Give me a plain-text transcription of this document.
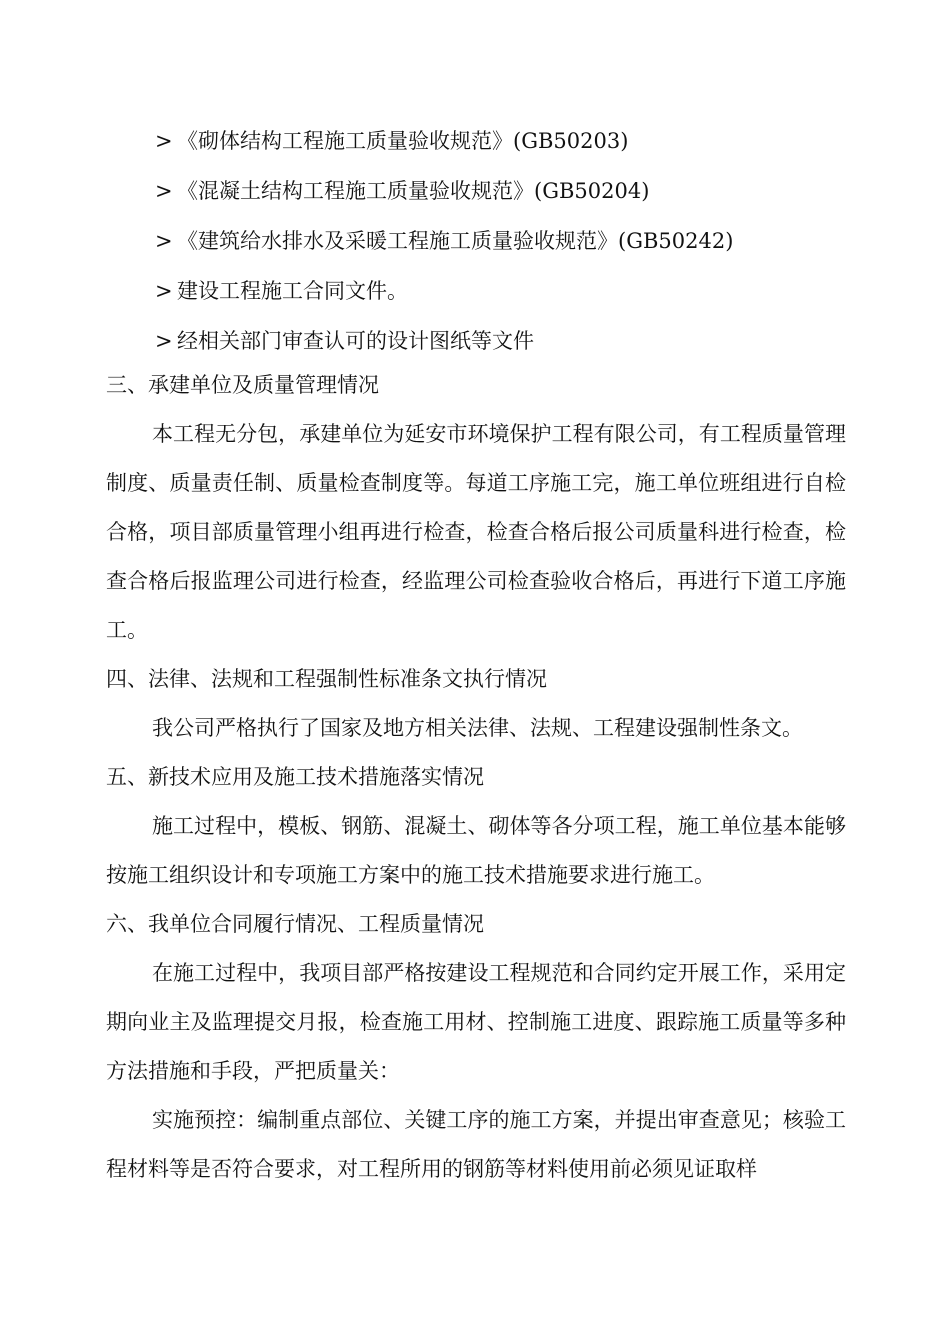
> 《砌体结构工程施工质量验收规范》(GB50203)
> 《混凝土结构工程施工质量验收规范》(GB50204)
> 《建筑给水排水及采暖工程施工质量验收规范》(GB50242)
> 建设工程施工合同文件。
> 经相关部门审查认可的设计图纸等文件
三、承建单位及质量管理情况

本工程无分包，承建单位为延安市环境保护工程有限公司，有工程质量管理制度、质量责任制、质量检查制度等。每道工序施工完，施工单位班组进行自检合格，项目部质量管理小组再进行检查，检查合格后报公司质量科进行检查，检查合格后报监理公司进行检查，经监理公司检查验收合格后，再进行下道工序施工。

四、法律、法规和工程强制性标准条文执行情况

我公司严格执行了国家及地方相关法律、法规、工程建设强制性条文。

五、新技术应用及施工技术措施落实情况

施工过程中，模板、钢筋、混凝土、砌体等各分项工程，施工单位基本能够按施工组织设计和专项施工方案中的施工技术措施要求进行施工。

六、我单位合同履行情况、工程质量情况

在施工过程中，我项目部严格按建设工程规范和合同约定开展工作，采用定期向业主及监理提交月报，检查施工用材、控制施工进度、跟踪施工质量等多种方法措施和手段，严把质量关：

实施预控：编制重点部位、关键工序的施工方案，并提出审查意见；核验工程材料等是否符合要求，对工程所用的钢筋等材料使用前必须见证取样
